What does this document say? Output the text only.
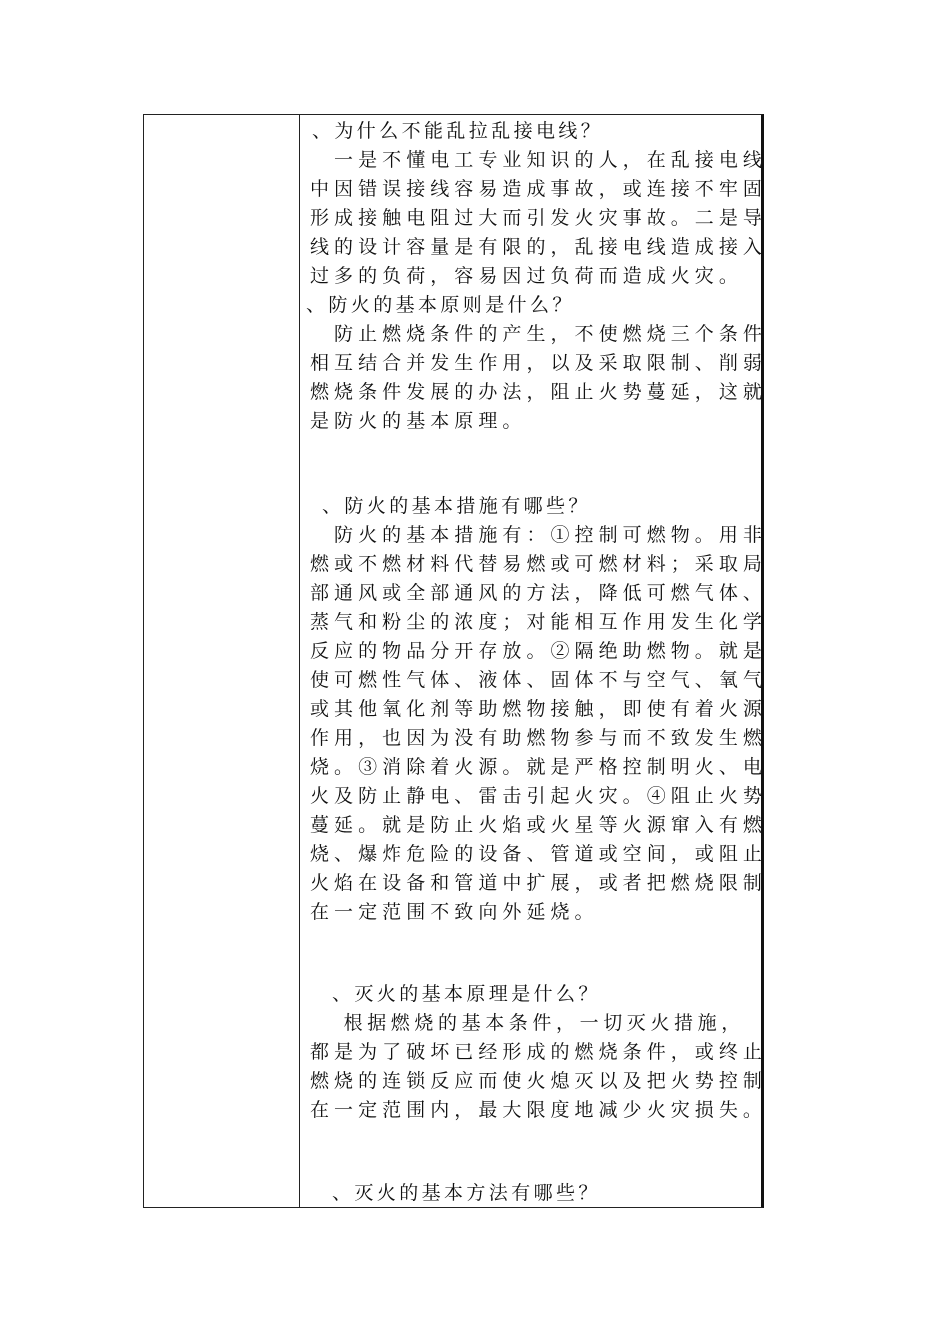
、为什么不能乱拉乱接电线？
　一是不懂电工专业知识的人，在乱接电线
中因错误接线容易造成事故，或连接不牢固
形成接触电阻过大而引发火灾事故。二是导
线的设计容量是有限的，乱接电线造成接入
过多的负荷，容易因过负荷而造成火灾。
、防火的基本原则是什么？
　防止燃烧条件的产生，不使燃烧三个条件
相互结合并发生作用，以及采取限制、削弱
燃烧条件发展的办法，阻止火势蔓延，这就
是防火的基本原理。
、防火的基本措施有哪些？
　防火的基本措施有：①控制可燃物。用非
燃或不燃材料代替易燃或可燃材料；采取局
部通风或全部通风的方法，降低可燃气体、
蒸气和粉尘的浓度；对能相互作用发生化学
反应的物品分开存放。②隔绝助燃物。就是
使可燃性气体、液体、固体不与空气、氧气
或其他氧化剂等助燃物接触，即使有着火源
作用，也因为没有助燃物参与而不致发生燃
烧。③消除着火源。就是严格控制明火、电
火及防止静电、雷击引起火灾。④阻止火势
蔓延。就是防止火焰或火星等火源窜入有燃
烧、爆炸危险的设备、管道或空间，或阻止
火焰在设备和管道中扩展，或者把燃烧限制
在一定范围不致向外延烧。
、灭火的基本原理是什么？
　根据燃烧的基本条件，一切灭火措施，
都是为了破坏已经形成的燃烧条件，或终止
燃烧的连锁反应而使火熄灭以及把火势控制
在一定范围内，最大限度地减少火灾损失。
、灭火的基本方法有哪些？
